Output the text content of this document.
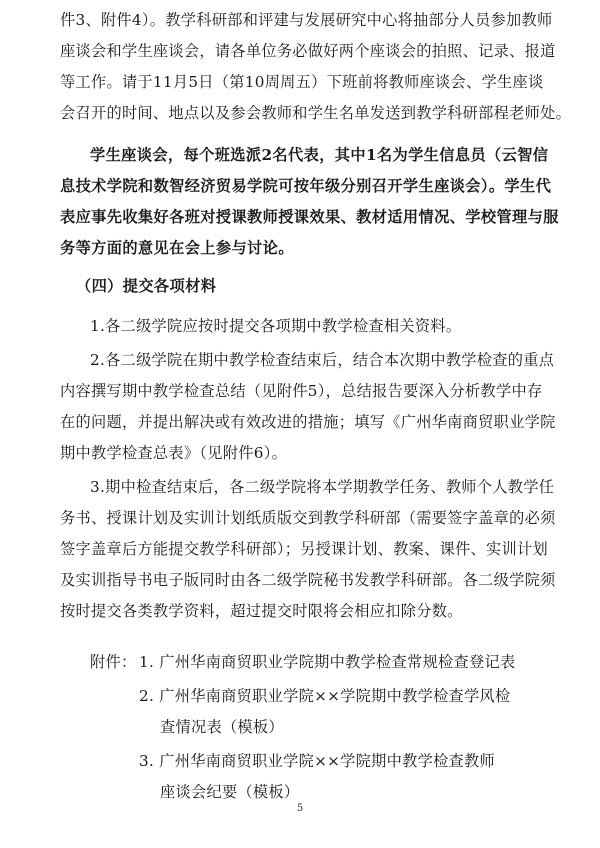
件3、附件4）。教学科研部和评建与发展研究中心将抽部分人员参加教师
座谈会和学生座谈会，请各单位务必做好两个座谈会的拍照、记录、报道
等工作。请于11月5日（第10周周五）下班前将教师座谈会、学生座谈
会召开的时间、地点以及参会教师和学生名单发送到教学科研部程老师处。
学生座谈会，每个班选派2名代表，其中1名为学生信息员（云智信
息技术学院和数智经济贸易学院可按年级分别召开学生座谈会）。学生代
表应事先收集好各班对授课教师授课效果、教材适用情况、学校管理与服
务等方面的意见在会上参与讨论。
（四）提交各项材料
1.各二级学院应按时提交各项期中教学检查相关资料。
2.各二级学院在期中教学检查结束后，结合本次期中教学检查的重点
内容撰写期中教学检查总结（见附件5），总结报告要深入分析教学中存
在的问题，并提出解决或有效改进的措施；填写《广州华南商贸职业学院
期中教学检查总表》（见附件6）。
3.期中检查结束后，各二级学院将本学期教学任务、教师个人教学任
务书、授课计划及实训计划纸质版交到教学科研部（需要签字盖章的必须
签字盖章后方能提交教学科研部）；另授课计划、教案、课件、实训计划
及实训指导书电子版同时由各二级学院秘书发教学科研部。各二级学院须
按时提交各类教学资料，超过提交时限将会相应扣除分数。
附件： 1. 广州华南商贸职业学院期中教学检查常规检查登记表
2. 广州华南商贸职业学院××学院期中教学检查学风检
查情况表（模板）
3. 广州华南商贸职业学院××学院期中教学检查教师
座谈会纪要（模板）
5
